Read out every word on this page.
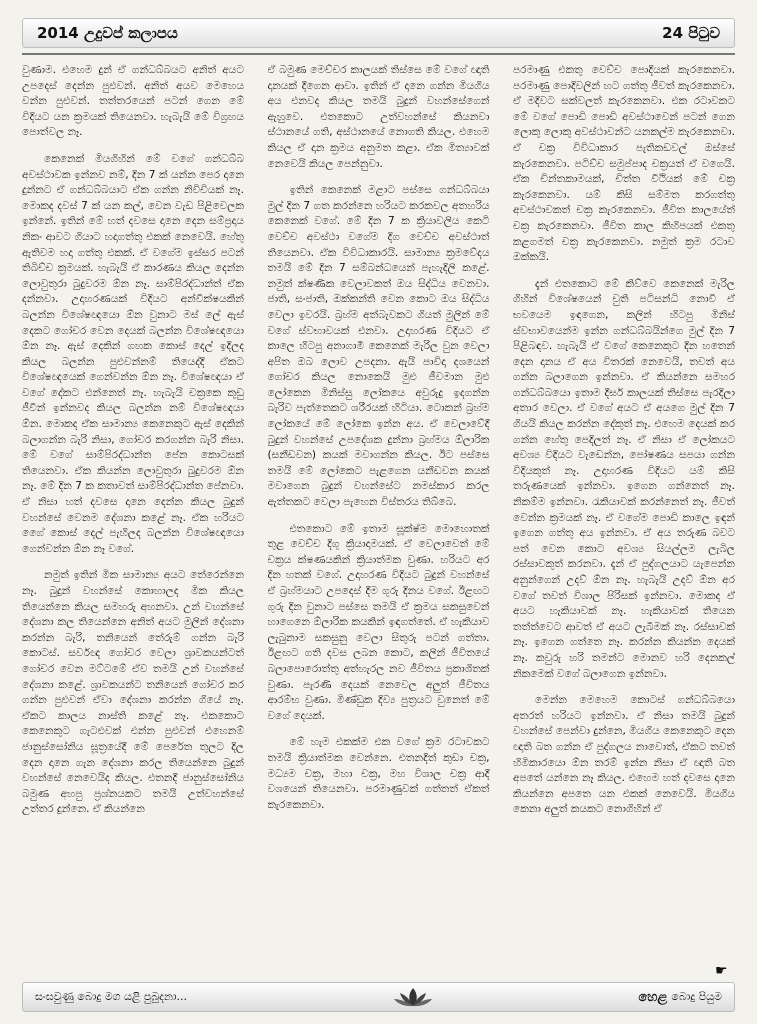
2014 උදුවප් කලාපය	24 පිටුව

වුණාම. එහෙම දුන් ඒ ගන්ධබ්බයට අනිත් අයට උපදෙස් දෙන්න පුළුවන්. අනිත් අයව මෙහෙය වන්න පුළුවන්. තත්තරයෙන් පටන් ගෙන මේ විදියට යන ක්‍රමයක් තියෙනවා. හැබැයි මේ විග්‍රහය පොත්වල නෑ.

කෙනෙක් මියගිහින් මේ වගේ ගන්ධබ්බ අවස්ථාවක ඉන්නව නම්, දින 7 ක් යන්න පෙර දානෙ දුන්නට ඒ ගන්ධබ්බයාට ඒක ගන්න නිවිචියක් නෑ. මොකද දවස් 7 ක් යන කල්, වෙන වැඩ පිළිවෙලක ඉන්නේ. ඉතින් මේ හත් දවසෙ දානෙ දෙන සම්ප්‍රදාය නිකං ආවට ගියාට හදාගත්තු එකක් නෙවෙයි. හේතු ඇතිවම හදා ගත්තු එකක්. ඒ වගේම ඉස්සර පටන් තිබිච්ච ක්‍රමයක්. හැබැයි ඒ කාරණය කියල දෙන්න ලොවුතුරා බුදුවරම ඕන නෑ. සාම්පිරද්ධාන්ත් ඒක දන්නවා. උදාහරණයක් විදියට අන්වීක්ෂයකින් බලන්න විශේෂඥයො ඕන වුනාට මස් ලේ ඇස් දෙකට ගෝචර වෙන දෙයක් බලන්න විශේෂඥයො ඕන නෑ. ඇස් දෙකින් ගහක කොස් දෙල් ඉදිලද කියල බලන්න පුළුවන්නම් තියෙද්දි ඒකට විශේෂඥයෙක් ගෙන්වන්න ඕන නෑ. විශේෂඥයා ඒ වගේ දේකට එන්නෙත් නෑ. හැබැයි චක්‍රකෙ කුඩු ජීවීන් ඉන්නවද කියල බලන්න නම් විශේෂඥයා ඕන. මොකද ඒක සාමාන්‍ය කෙනෙකුට ඇස් දෙකින් බලාගන්න බැරි නිසා, ගෝචර කරගන්න බැරි නිසා. මේ වගේ සාම්පිරද්ධාන්ත පේන කොටසක් තියෙනවා. ඒක කියන්න ලොවුතුරා බුදුවරම ඕන නෑ. මේ දින 7 ක කතාවත් සාම්පිරද්ධාන්ත පේනවා. ඒ නිසා හත් දවසෙ දානෙ දෙන්න කියල බුදුන් වහන්සේ වෙනම දේශනා කළේ නෑ. ඒක හරියට ගෙේ කොස් දෙල් පැහිලද බලන්න විශේෂඥයො ගෙන්වන්න ඕන නෑ වගේ.

නමුත් ඉතින් මික සාමාන්‍ය අයට තේරෙන්නෙ නෑ. බුදුන් වහන්සේ කොහාලද මික කියල තියෙන්නෙ කියල සමහරු අහනවා. උන් වහන්සේ දේශනා කල තියෙන්නෙ අනිත් අයට මුලින් දේශනා කරන්න බැරි, තනියෙන් තේරුම් ගන්න බැරි කොටස්. සර්වඥ ගෝචර වෙලා ශ්‍රාවකයන්ටත් ගෝචර වෙන මට්ටමේ ඒව තමයි උන් වහන්සේ දේශනා කළේ. ශ්‍රාවකයන්ට තනියෙන් ගෝචර කර ගන්න පුළුවන් ඒවා දේශනා කරන්න ගියේ නෑ. ඒකට කාලය නාස්ති කළේ නෑ. එකකොට කෙනෙකුට ගැටළුවක් එන්න පුළුවන් එහෙනම් ජානුස්සෝනිය සූත්‍රයේදී මේ පෙරේත තුලට දිල දෙන දානෙ ගැන දේශනා කරල තියෙන්නෙ බුදුන් වහන්සේ නෙවෙයිද කියල. එතනදී ජානුස්සෝනිය බමුණ අහපු ප්‍රශ්නයකට තමයි උත්වහන්සේ උත්තර දුන්නෙ. ඒ කියන්නෙ

ඒ බමුණ මෙච්චර කාලයක් තිස්සෙ මේ වගේ ඥාති දානයක් දීගෙන ආවා. ඉතින් ඒ දානෙ ගන්න මියගිය අය එනවද කියල තමයි බුදුන් වහන්සේගෙන් ඇහුවෙ. එතකොට උත්වහන්සේ කියනවා ස්ථානයේ ගති, අස්ථානයේ නොගති කියල. එහෙම කියල ඒ දාන ක්‍රමය අනුමත කළා. ඒක මිත්‍යාවක් නෙවෙයි කියල පෙන්නුවා.

ඉතින් කෙනෙක් මළාට පස්සෙ ගන්ධබ්බයා මුල් දින 7 ගත කරන්නෙ හරියට කරකවල අතහරිය කෙනෙක් වගේ. මේ දින 7 ක ක්‍රියාවලිය කෙටි වෙච්ච අවස්ථා වගේම දිග වෙච්ච අවස්ථාත් තියෙනවා. ඒක විවිධාකාරයි. සාමාන්‍ය ක්‍රමවේදය තමයි මේ දින 7 සම්බන්ධයෙන් පැහැදිලි කළේ. නමුත් ක්ෂණික වෙලාවකත් ඔය සිද්ධිය වෙනවා. ජාති, සංජාති, ඔක්කන්ති වෙන කොට ඔය සිද්ධිය වෙලා ඉවරයි. බ්‍රහ්ම අත්බැවකට ගියත් මුලින් මේ වගේ ස්වභාවයක් එනවා. උදාහරණ විදියට ඒ කාලෙ හිටපු අනාගාමී කෙනෙක් මැරිල වුන වෙලා අපිත ඔබ ලොව උපදනා. ඇයි පාවිදා දශයෙන් ගෝචර කියල නොකෙයි මුළු ජීවමාන මුළු ලෝකෙන මිනිස්සු ලෝකයෙ අවුරුදු ඉදගන්න බැරිව පැත්තෙකට ශරීරයක් හිටියා. ටොකන් බ්‍රහ්ම ලෝකයේ මේ ලෝකෙ ඉන්න අය. ඒ වෙලාවේදී බුදුන් වහන්සේ උපදේශක දුන්නා බ්‍රහ්මය ඕලාරික (සනීඩවන) කයක් මවාගන්න කියල. ඊට පස්සෙ තමයි මේ ලෝකෙට පැළගෙන යනීඩවන කයක් මවාගෙන බුදුන් වහන්සේට නමස්කාර කරල ඇත්තකට වෙලා පැහෙන විස්තරය තිබ්බෙ.

එතකොට මේ ඉතාම සූක්ෂ්ම මොහොතක් තුළ වෙච්ච දිගු ක්‍රියාදාමයක්. ඒ වෙලාවෙත් මේ චක්‍රය ක්ෂණයකින් ක්‍රියාත්මක වුණා. හරියට අර දින හතක් වගේ. උදාහරණ විදියට බුදුන් වහන්සේ ඒ බ්‍රහ්මයාට උපදෙස් දීම ගුරු දිනය වගේ. ඊළඟට ගුරු දින වුනාට පස්සෙ තමයි ඒ ක්‍රමය සකසුවෙන් හාගෙනෙ ඕලාරික කයකින් ඉඳගත්තේ. ඒ හැකියාව ලැබුනාම සකසුනු වෙලා සිතුරු පටන් ගත්තා. ඊළඟට ගති දවස ලබන කොට, කලින් ජීවිතයේ බලාපොරොත්තු අත්හැරල නව ජීවිතය ප්‍රකාශිතක් වුණා. පැරණි දෙයක් නෙවෙල අලුත් ජීවිතය ආරම්භ වුණා. මිණ්ඩුක දිව්‍ය පුත්‍රයට වුනෙත් මේ වගේ දෙයක්.

මේ හැම එකක්ම එක වගේ ක්‍රම රටාවකට තමයි ක්‍රියාත්මක වෙන්නෙ. එතනදිත් කුඩා චක්‍ර, මධ්‍යම චක්‍ර, මහා චක්‍ර, මහ විශාල චක්‍ර ආදී වශයෙන් තියෙනවා. පරමාණුවක් ගත්තත් ඒකත් කැරකෙනවා.

පරමාණු එකතු වෙච්ච පොදියක් කැරකෙනවා. පරමාණු පොදිවලින් හට ගත්තු ජීවත් කැරකෙනවා. ඒ මදිවට සක්වලත් කැරකෙනවා. එක රටාවකට මේ වගේ පොඩි පොඩි අවස්ථාවෙන් පටන් ගෙන ලොකු ලොකු අවස්ථාවන්ට යනකල්ම කැරකෙනවා. ඒ චක්‍ර විවිධාකාර පැතිකඩවල් ඔස්සේ කැරකෙනවා. පටිච්ච සමුප්පාද චක්‍රයත් ඒ වගෙයි. ඒක චින්තකාමයක්, චිත්ත වීථියක් මේ චක්‍ර කැරකෙනවා. යම් කිසි සම්මත කරගත්තු අවස්ථාවකත් චක්‍ර කැරකෙනවා. ජීවිත කාලයේත් චක්‍ර කැරකෙනවා. ජීවිත කාල කිහිපයක් එකතු කළගමත් චක්‍ර කැරකෙනවා. නමුත් ක්‍රම රටාව ඔක්කයි.

දැන් එතකොට මේ කිව්වෙ කෙනෙක් මැරිල ගිහින් විශේෂයෙන් චුති පටිසන්ධි නොවී ඒ භවයෙම ඉඳගෙන, කලින් හිටපු මිනිස් ස්වභාවයෙන්ම ඉන්න ගන්ධබ්බයින්ගෙ මුල් දින 7 පිළිබඳව. හැබැයි ඒ වගේ කෙනෙකුට දින හතෙන් දෙන දානය ඒ අය විතරක් නෙවෙයි, තවත් අය ගන්න බලාගෙන ඉන්නවා. ඒ කියන්නෙ සමහර ගන්ධබ්බයො ඉතාම දීර්ඝ කාලයක් තිස්සෙ පැරදිලා අතාර වෙලා. ඒ වගේ අයට ඒ අයගෙ මුල් දින 7 ගියයි කියල කරන්න දේකුත් නෑ. එහෙම දෙයක් කර ගන්න හේතු පෙදිලත් නෑ. ඒ නිසා ඒ ලෝකයට අවශ්‍ය විදියට වැඩෙන්න, පෝෂණය සපයා ගන්න විදියකුත් නෑ. උදාහරණ විදියට යම් කිසි තරුණයෙක් ඉන්නවා. ඉගෙන ගන්නෙත් නෑ. නිකම්ම ඉන්නවා. රැකියාවක් කරන්නෙත් නෑ. ජීවත් වෙන්න ක්‍රමයක් නෑ. ඒ වගේම පොඩි කාලෙ ඉඳන් ඉගෙන ගත්තු අය ඉන්නවා. ඒ අය තරුණ බවට පත් වෙන කොට අවශ්‍ය සියල්ලම ලැබිල රස්සාවකුත් කරනවා. දැන් ඒ පුද්ගලයාට යැපෙන්න අනුන්ගෙන් උදව් ඕන නෑ. හැබැයි උදව් ඕන අර වගේ තවත් විශාල පිරිසක් ඉන්නවා. මොකද ඒ අයට හැකියාවක් නෑ. හැකියාවක් තියෙන තත්ත්වෙට ආවත් ඒ අයට ලැබීමක් නෑ. රස්සාවක් නෑ. ඉගෙන ගත්තෙ නෑ. කරන්න කියන්න දෙයක් නෑ. කවුරු හරි තමන්ට මොනව හරි දෙනකල් නිකමෙක් වගේ බලාගෙන ඉන්නවා.

මෙන්න මෙහෙම කොටස් ගන්ධබ්බයො අතරත් හරියට ඉන්නවා. ඒ නිසා තමයි බුදුන් වහන්සේ පෙන්වා දුන්නෙ, මියගිය කෙනෙකුට දෙන ඥාති බත ගන්න ඒ පුද්ගලය නාවොත්, ඒකට තවත් හිමිකාරයො ඕන තරම් ඉන්න නිසා ඒ ඥාති බත අපතේ යන්නෙ නෑ කියල. එහෙම හත් දවසෙ දානෙ කියන්නෙ අපතෙ යන එකක් නෙවෙයි. මියගිය කෙනා අලුත් කයකට නොගිහින් ඒ

☛
සංඝවුණු බොදු මග යළි පුබුදනා...	හෙළ බොදු පියුම
